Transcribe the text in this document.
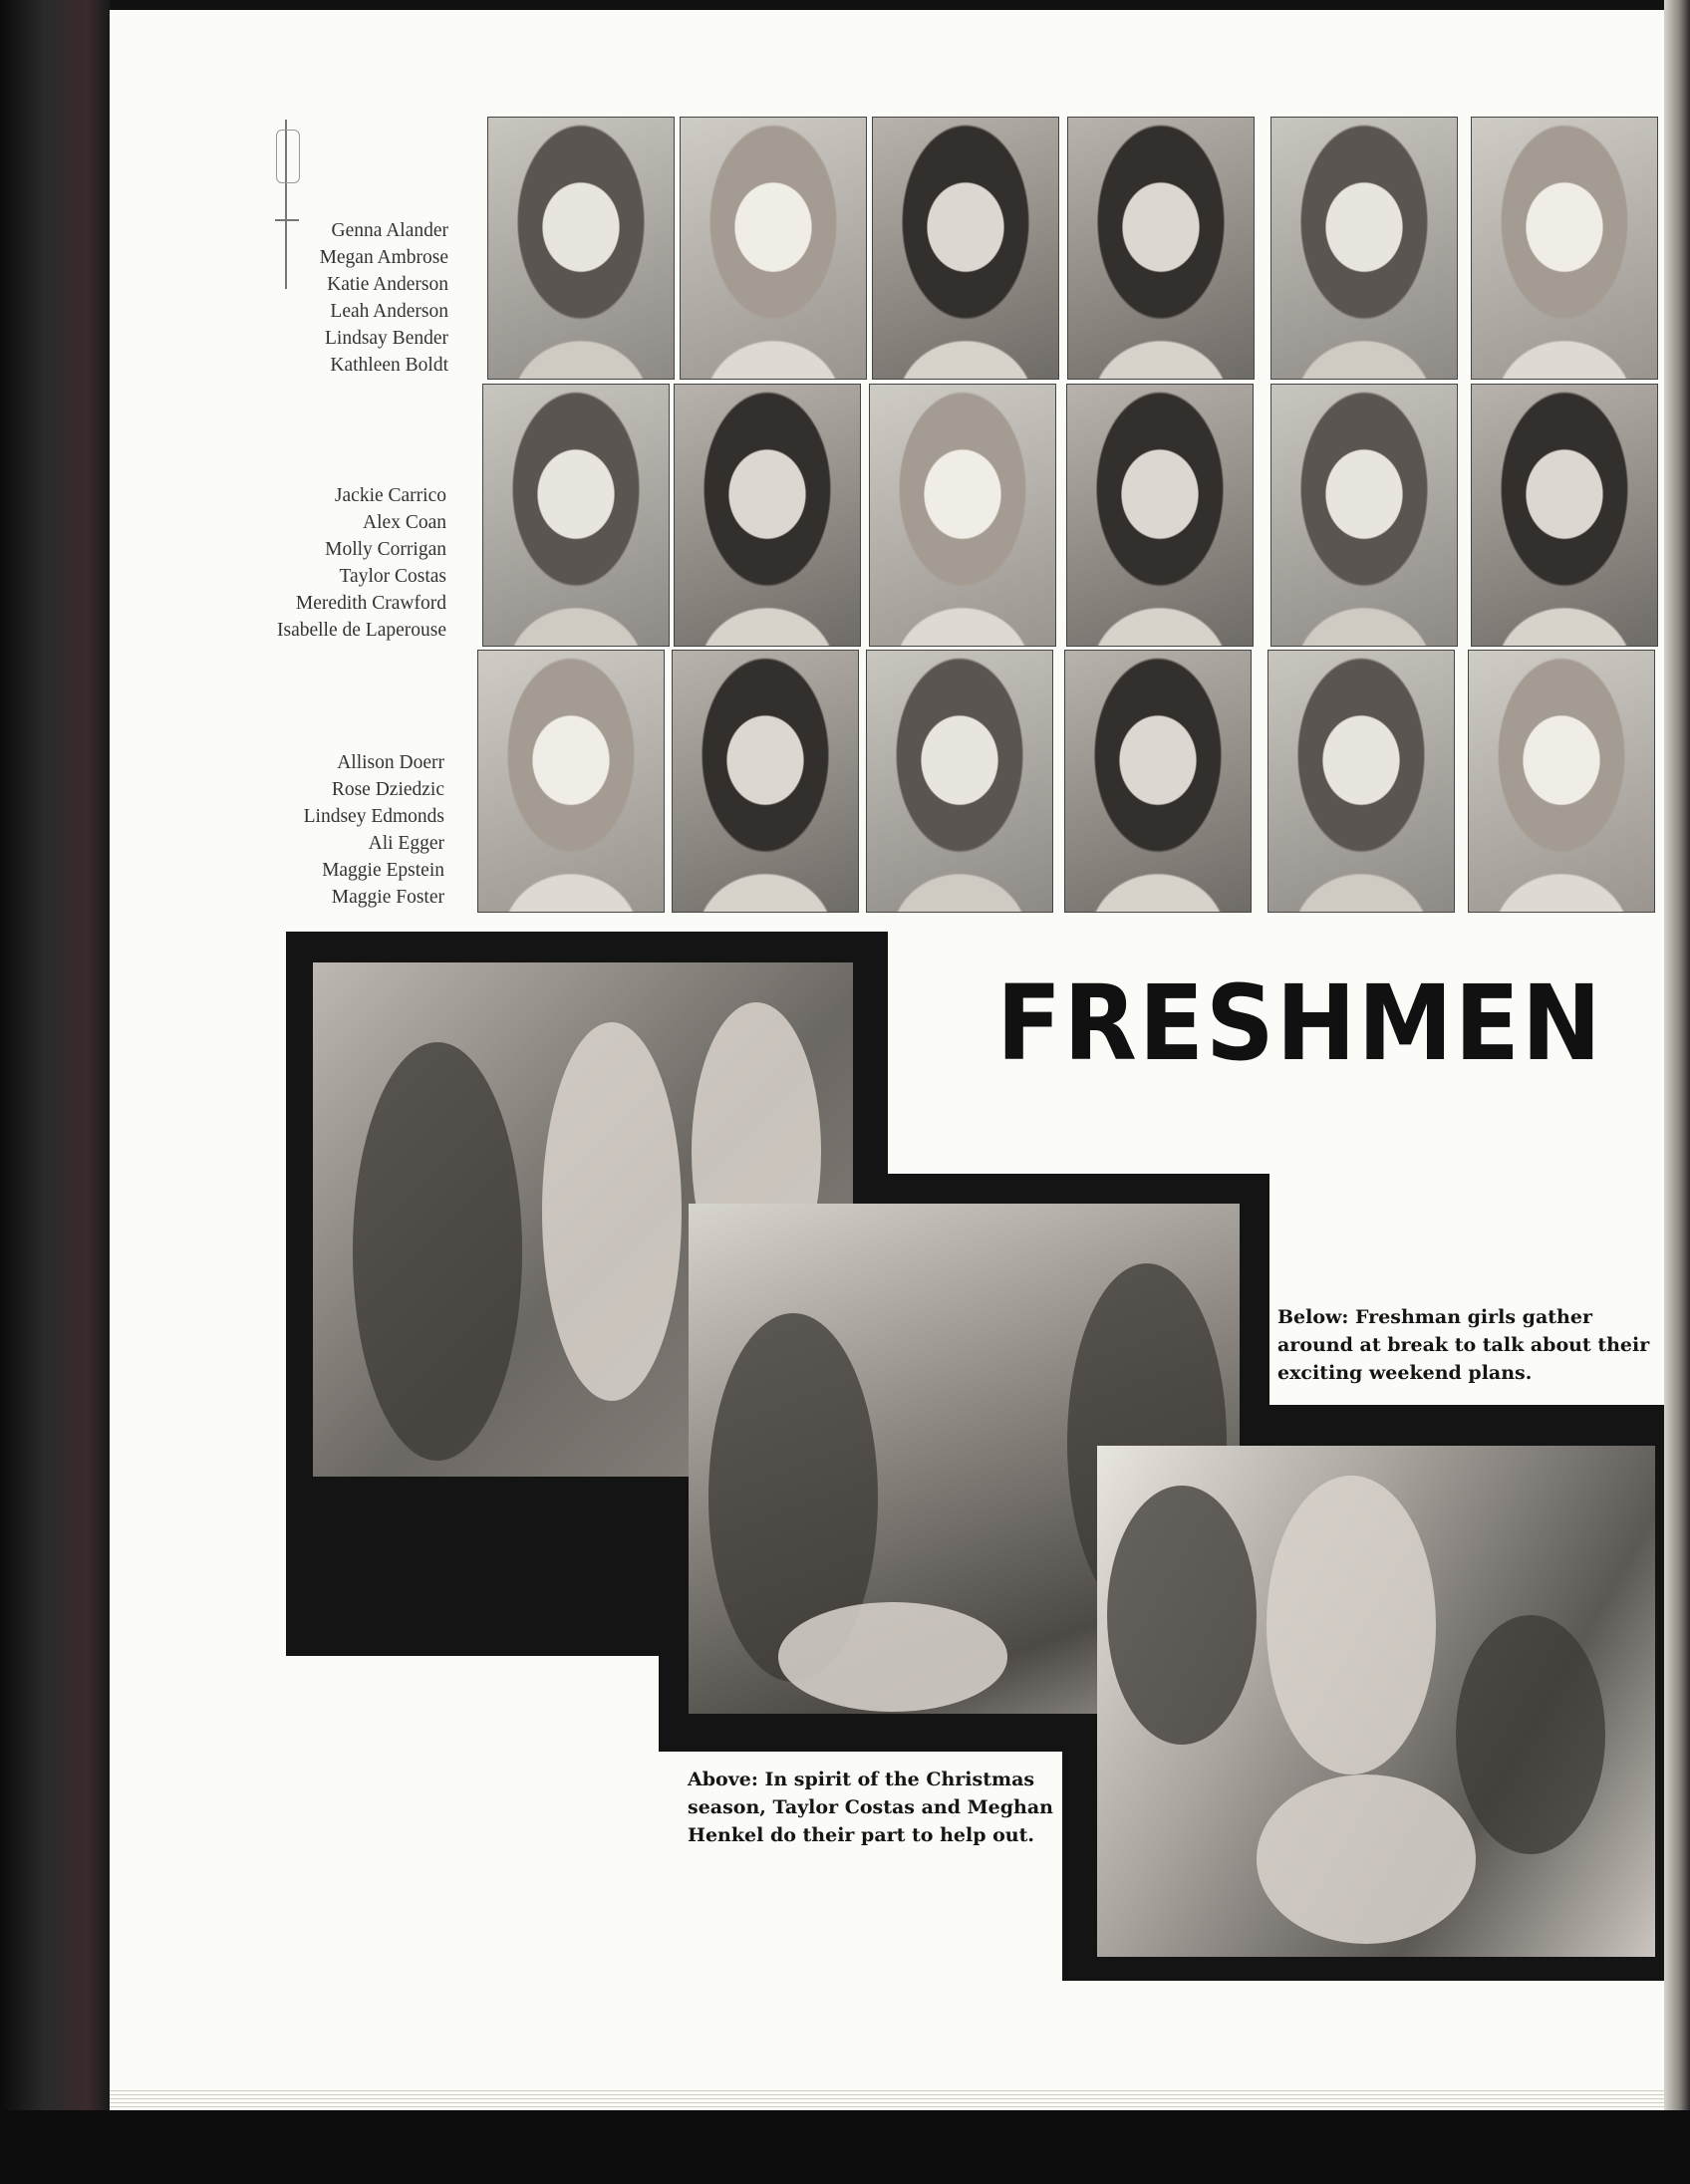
Genna Alander
Megan Ambrose
Katie Anderson
Leah Anderson
Lindsay Bender
Kathleen Boldt
Jackie Carrico
Alex Coan
Molly Corrigan
Taylor Costas
Meredith Crawford
Isabelle de Laperouse
Allison Doerr
Rose Dziedzic
Lindsey Edmonds
Ali Egger
Maggie Epstein
Maggie Foster
FRESHMEN
Below: Freshman girls gather around at break to talk about their exciting weekend plans.
Above: Paige Mosley and Katherine Schoo anxiously wait in line so they can enjoy their food at break.
Above: In spirit of the Christmas season, Taylor Costas and Meghan Henkel do their part to help out.
